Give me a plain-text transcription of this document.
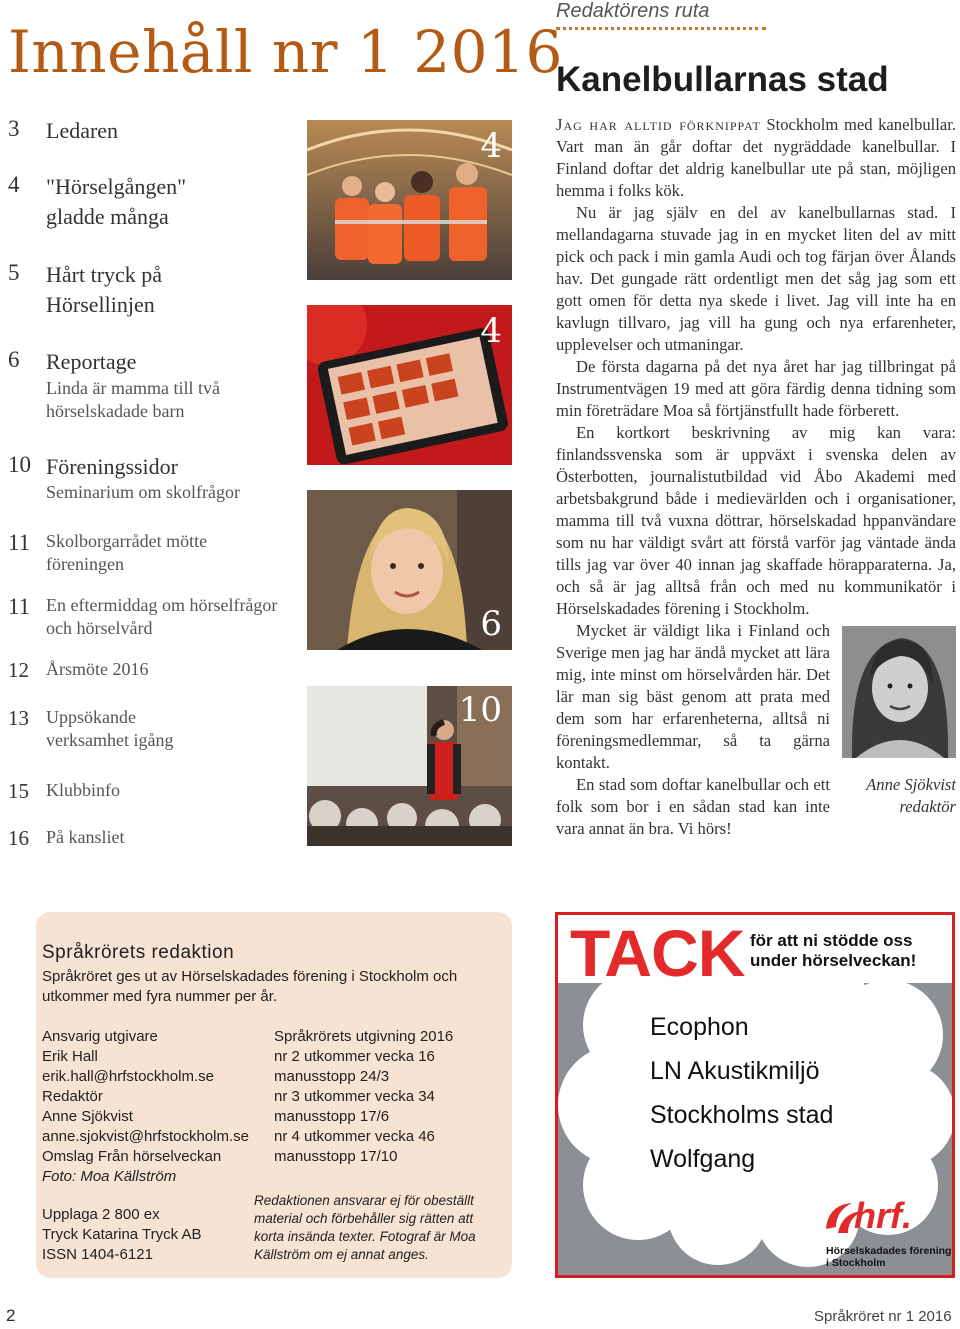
Innehåll nr 1 2016
3 Ledaren
4 "Hörselgången" gladde många
5 Hårt tryck på Hörsellinjen
6 Reportage
Linda är mamma till två hörselskadade barn
10 Föreningssidor
Seminarium om skolfrågor
11 Skolborgarrådet mötte föreningen
11 En eftermiddag om hörselfrågor och hörselvård
12 Årsmöte 2016
13 Uppsökande verksamhet igång
15 Klubbinfo
16 På kansliet
4
4
6
10
Redaktörens ruta
Kanelbullarnas stad

Jag har alltid förknippat Stockholm med kanelbullar. Vart man än går doftar det nygräddade kanelbullar. I Finland doftar det aldrig kanelbullar ute på stan, möjligen hemma i folks kök.

Nu är jag själv en del av kanelbullarnas stad. I mellandagarna stuvade jag in en mycket liten del av mitt pick och pack i min gamla Audi och tog färjan över Ålands hav. Det gungade rätt ordentligt men det såg jag som ett gott omen för detta nya skede i livet. Jag vill inte ha en kavlugn tillvaro, jag vill ha gung och nya erfarenheter, upplevelser och utmaningar.

De första dagarna på det nya året har jag tillbringat på Instrumentvägen 19 med att göra färdig denna tidning som min företrädare Moa så förtjänstfullt hade förberett.

En kortkort beskrivning av mig kan vara: finlandssvenska som är uppväxt i svenska delen av Österbotten, journalistutbildad vid Åbo Akademi med arbetsbakgrund både i medievärlden och i organisationer, mamma till två vuxna döttrar, hörselskadad hppanvändare som nu har väldigt svårt att förstå varför jag väntade ända tills jag var över 40 innan jag skaffade hörapparaterna. Ja, och så är jag alltså från och med nu kommunikatör i Hörselskadades förening i Stockholm.

Mycket är väldigt lika i Finland och Sverige men jag har ändå mycket att lära mig, inte minst om hörselvården här. Det lär man sig bäst genom att prata med dem som har erfarenheterna, alltså ni föreningsmedlemmar, så ta gärna kontakt.

Anne Sjökvist
redaktör

En stad som doftar kanelbullar och ett folk som bor i en sådan stad kan inte vara annat än bra. Vi hörs!

Språkrörets redaktion
Språkröret ges ut av Hörselskadades förening i Stockholm och utkommer med fyra nummer per år.
Ansvarig utgivare
Erik Hall
erik.hall@hrfstockholm.se
Redaktör
Anne Sjökvist
anne.sjokvist@hrfstockholm.se
Omslag Från hörselveckan
Foto: Moa Källström
Språkrörets utgivning 2016
nr 2 utkommer vecka 16
manusstopp 24/3
nr 3 utkommer vecka 34
manusstopp 17/6
nr 4 utkommer vecka 46
manusstopp 17/10
Upplaga 2 800 ex
Tryck Katarina Tryck AB
ISSN 1404-6121
Redaktionen ansvarar ej för obeställt material och förbehåller sig rätten att korta insända texter. Fotograf är Moa Källström om ej annat anges.
TACK för att ni stödde oss
under hörselveckan!
Ecophon
LN Akustikmiljö
Stockholms stad
Wolfgang
hrf.
Hörselskadades förening
i Stockholm
2	Språkröret nr 1 2016
